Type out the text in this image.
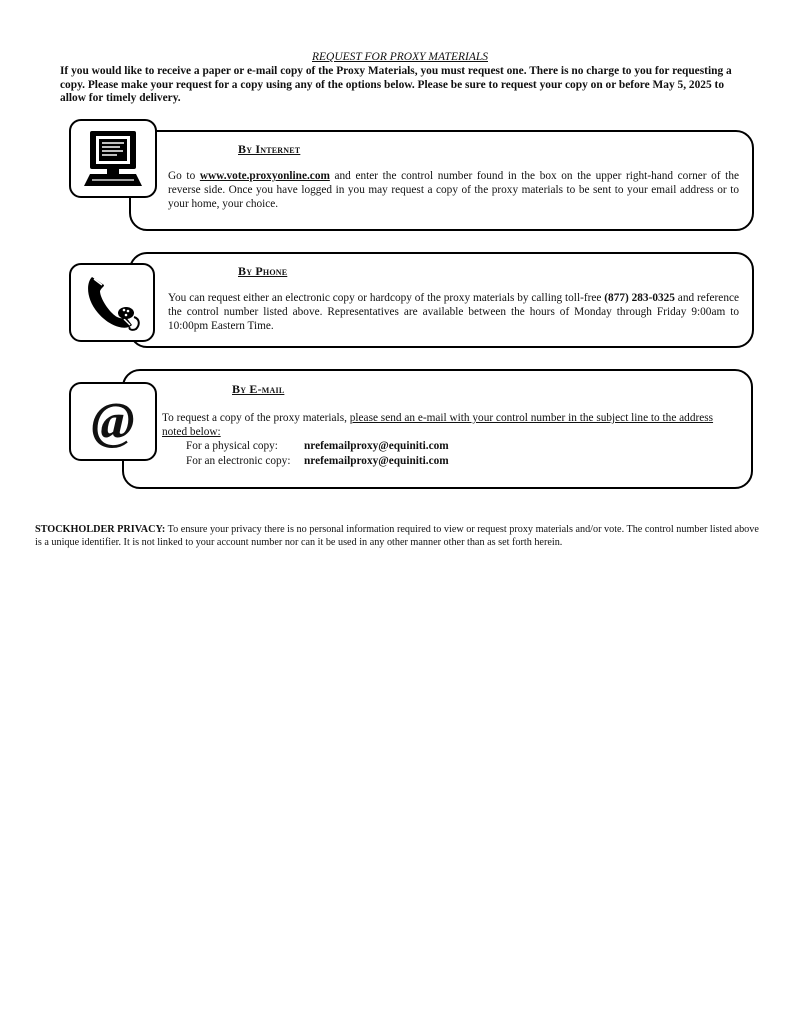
REQUEST FOR PROXY MATERIALS
If you would like to receive a paper or e-mail copy of the Proxy Materials, you must request one. There is no charge to you for requesting a copy. Please make your request for a copy using any of the options below. Please be sure to request your copy on or before May 5, 2025 to allow for timely delivery.
By Internet
Go to www.vote.proxyonline.com and enter the control number found in the box on the upper right-hand corner of the reverse side. Once you have logged in you may request a copy of the proxy materials to be sent to your email address or to your home, your choice.
By Phone
You can request either an electronic copy or hardcopy of the proxy materials by calling toll-free (877) 283-0325 and reference the control number listed above. Representatives are available between the hours of Monday through Friday 9:00am to 10:00pm Eastern Time.
@
By E-mail
To request a copy of the proxy materials, please send an e-mail with your control number in the subject line to the address noted below:
For a physical copy:	nrefemailproxy@equiniti.com
For an electronic copy:	nrefemailproxy@equiniti.com
STOCKHOLDER PRIVACY: To ensure your privacy there is no personal information required to view or request proxy materials and/or vote. The control number listed above is a unique identifier. It is not linked to your account number nor can it be used in any other manner other than as set forth herein.
